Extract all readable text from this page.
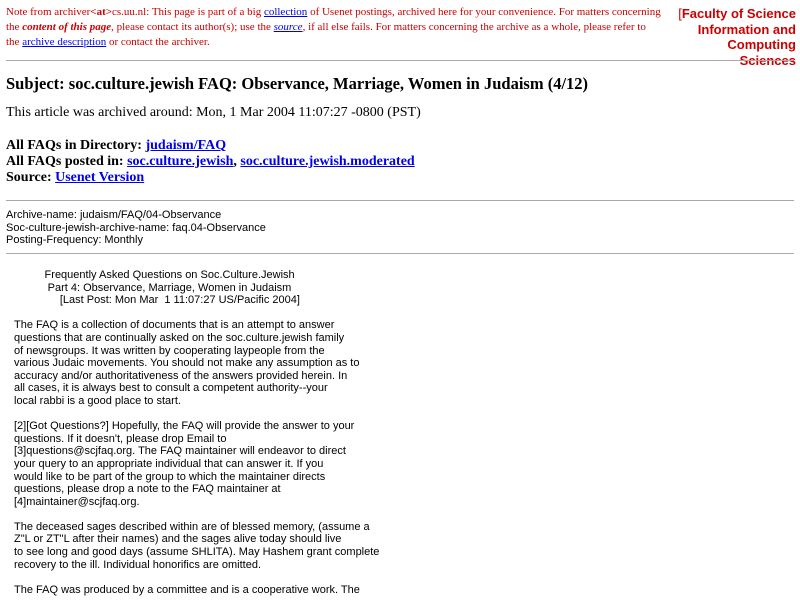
Note from archiver<at>cs.uu.nl: This page is part of a big collection of Usenet postings, archived here for your convenience. For matters concerning the content of this page, please contact its author(s); use the source, if all else fails. For matters concerning the archive as a whole, please refer to the archive description or contact the archiver.
[Faculty of Science
Information and
Computing Sciences
Subject: soc.culture.jewish FAQ: Observance, Marriage, Women in Judaism (4/12)
This article was archived around: Mon, 1 Mar 2004 11:07:27 -0800 (PST)
All FAQs in Directory: judaism/FAQ
All FAQs posted in: soc.culture.jewish, soc.culture.jewish.moderated
Source: Usenet Version
Archive-name: judaism/FAQ/04-Observance
Soc-culture-jewish-archive-name: faq.04-Observance
Posting-Frequency: Monthly
Frequently Asked Questions on Soc.Culture.Jewish
Part 4: Observance, Marriage, Women in Judaism
[Last Post: Mon Mar  1 11:07:27 US/Pacific 2004]
The FAQ is a collection of documents that is an attempt to answer
questions that are continually asked on the soc.culture.jewish family
of newsgroups. It was written by cooperating laypeople from the
various Judaic movements. You should not make any assumption as to
accuracy and/or authoritativeness of the answers provided herein. In
all cases, it is always best to consult a competent authority--your
local rabbi is a good place to start.
[2][Got Questions?] Hopefully, the FAQ will provide the answer to your
questions. If it doesn't, please drop Email to
[3]questions@scjfaq.org. The FAQ maintainer will endeavor to direct
your query to an appropriate individual that can answer it. If you
would like to be part of the group to which the maintainer directs
questions, please drop a note to the FAQ maintainer at
[4]maintainer@scjfaq.org.
The deceased sages described within are of blessed memory, (assume a
Z"L or ZT"L after their names) and the sages alive today should live
to see long and good days (assume SHLITA). May Hashem grant complete
recovery to the ill. Individual honorifics are omitted.
The FAQ was produced by a committee and is a cooperative work. The
